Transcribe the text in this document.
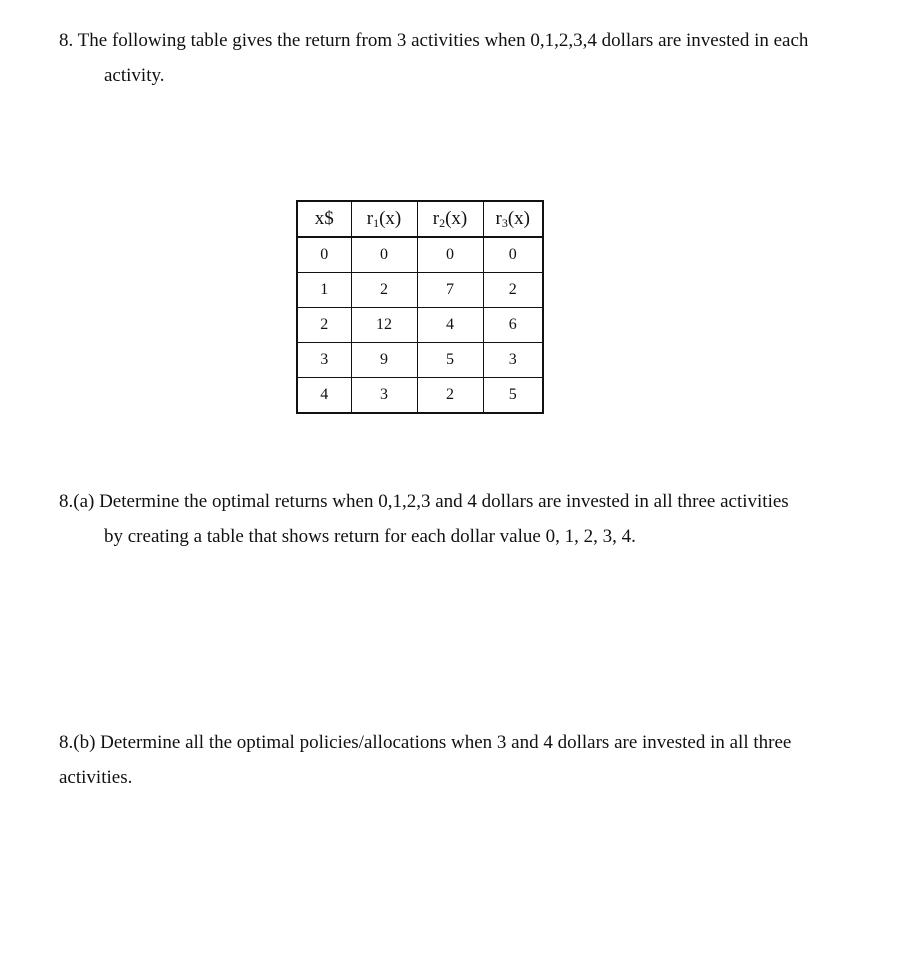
8. The following table gives the return from 3 activities when 0,1,2,3,4 dollars are invested in each
activity.
x$	$r_1(x)$	$r_2(x)$	$r_3(x)$
0	0	0	0
1	2	7	2
2	12	4	6
3	9	5	3
4	3	2	5
8.(a) Determine the optimal returns when 0,1,2,3 and 4 dollars are invested in all three activities
by creating a table that shows return for each dollar value 0, 1, 2, 3, 4.
8.(b) Determine all the optimal policies/allocations when 3 and 4 dollars are invested in all three
activities.
